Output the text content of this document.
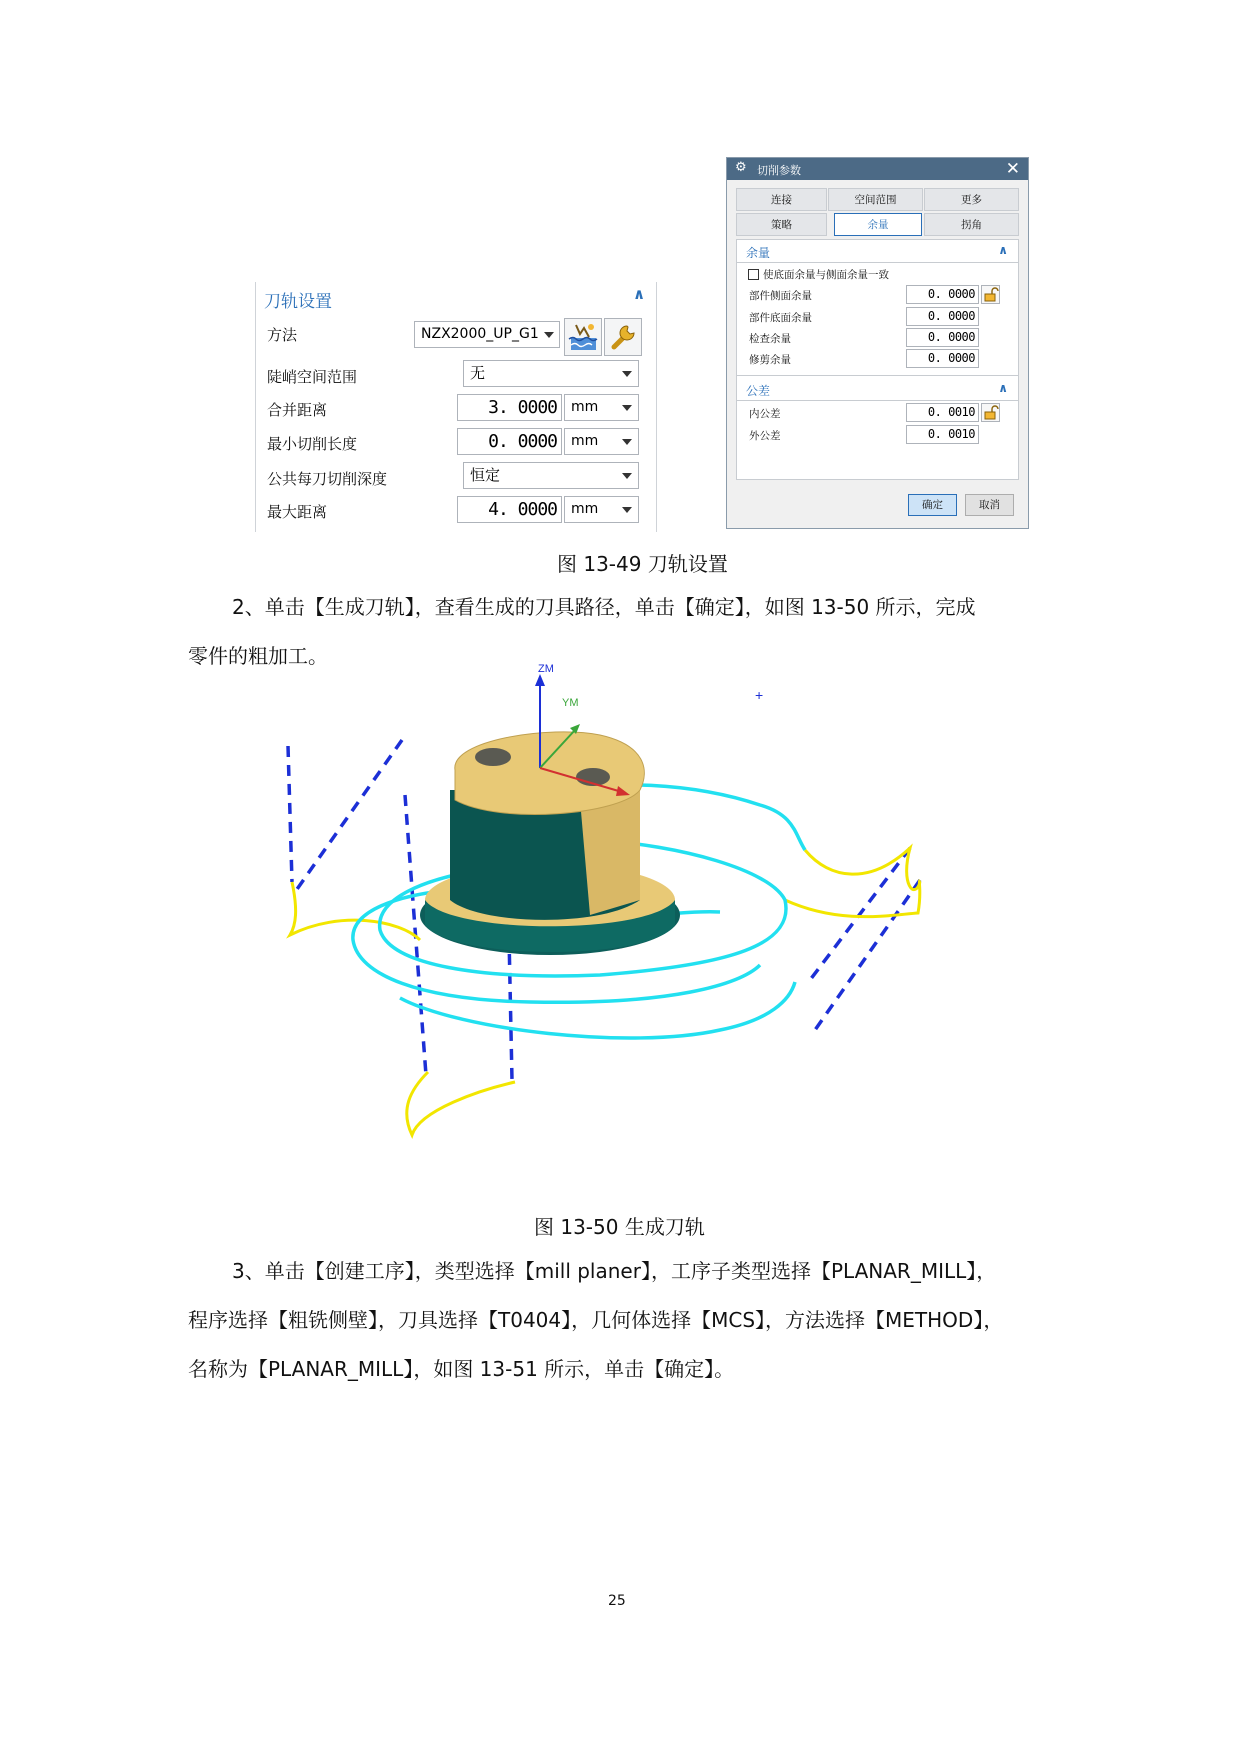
刀轨设置	∧
方法	NZX2000_UP_G1
陡峭空间范围	无
合并距离	3. 0000	mm
最小切削长度	0. 0000	mm
公共每刀切削深度	恒定
最大距离	4. 0000	mm
⚙ 切削参数	✕
连接	空间范围	更多
策略	余量	拐角
余量	∧
使底面余量与侧面余量一致
部件侧面余量	0. 0000
部件底面余量	0. 0000
检查余量	0. 0000
修剪余量	0. 0000
公差	∧
内公差	0. 0010
外公差	0. 0010
确定	取消
图 13-49 刀轨设置
2、单击【生成刀轨】，查看生成的刀具路径，单击【确定】，如图 13-50 所示，完成
零件的粗加工。
ZM
YM	+
图 13-50 生成刀轨
3、单击【创建工序】，类型选择【mill planer】，工序子类型选择【PLANAR_MILL】，
程序选择【粗铣侧壁】，刀具选择【T0404】，几何体选择【MCS】，方法选择【METHOD】，
名称为【PLANAR_MILL】，如图 13-51 所示，单击【确定】。
25
